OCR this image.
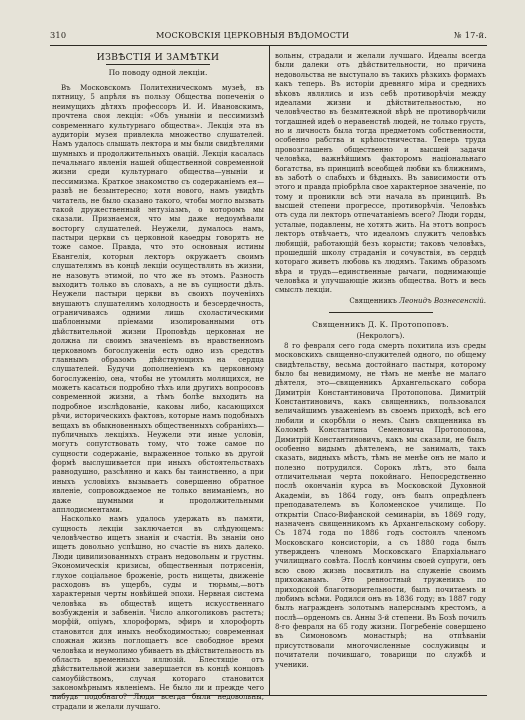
310	МОСКОВСКІЯ ЦЕРКОВНЫЯ ВѢДОМОСТИ	№ 17-й.
ИЗВѢСТІЯ И ЗАМѢТКИ
По поводу одной лекціи.

Въ Московскомъ Политехническомъ музеѣ, въ пятницу, 5 апрѣля въ пользу Общества попеченія о неимущихъ дѣтяхъ профессоръ И. И. Ивановскимъ, прочтена своя лекція: «Объ уныніи и пессимизмѣ современнаго культурнаго общества». Лекція эта въ аудиторіи музея привлекла множество слушателей. Намъ удалось слышать лектора и мы были свидѣтелями шумныхъ и продолжительныхъ овацій. Лекція касалась печальнаго явленія нашей общественной современной жизни среди культурнаго общества—уныніи и пессимизма. Краткое знакомство съ содержаніемъ ея—развѣ не безынтересно; хотя нового, намъ увидѣть читатель, не было сказано такого, чтобы могло вызвать такой дружественный энтузіазмъ, о которомъ мы сказали. Признаемся, что мы даже недоумѣвали восторгу слушателей. Неужели, думалось намъ, пастыри церкви съ церковной каѳедры говорятъ не тоже самое. Правда, что это основныя истины Евангелія, которыя лекторъ окружаетъ своимъ слушателямъ въ концѣ лекціи осуществлять въ жизни, не назовутъ этимой, по что же въ этомъ. Разность выходитъ только въ словахъ, а не въ сущности дѣлъ. Неужели пастыри церкви въ своихъ поученіяхъ внушаютъ слушателямъ холодность и безсердечность, ограничиваясь одними лишь схоластическими шаблонными пріемами изолированными отъ дѣйствительной жизни Проповѣдь церковная не должна ли своимъ значеніемъ въ нравственномъ церковномъ богослуженіи есть одно изъ средствъ главнымъ образомъ дѣйствующихъ на сердца слушателей. Будучи дополненіемъ къ церковному богослуженію, она, чтобы не утомлять молящихся, не можетъ касаться подробно тѣхъ или другихъ вопросовъ современной жизни, а тѣмъ болѣе выходить на подробное изслѣдованіе, каковы либо, касающихся рѣчи, историческихъ фактовъ, которые намъ подобныхъ вещахъ въ обыкновенныхъ общественныхъ собраніяхъ—публичныхъ лекціяхъ. Неужели эти иные условія, могутъ сопутствовать тому, что тоже самое по сущности содержаніе, выраженное только въ другой формѣ выслушивается при иныхъ обстоятельствахъ равнодушно, разсѣянно и какъ бы таинственно, а при иныхъ условіяхъ вызываетъ совершенно обратное явленіе, сопровождаемое не только вниманіемъ, но даже шумными и продолжительными апплодисментами.

Насколько намъ удалось удержать въ памяти, сущность лекціи заключается въ слѣдующемъ: человѣчество ищетъ знанія и счастія. Въ знаніи оно ищетъ довольно успѣшно, но счастіе въ нихъ далеко. Люди цивилизованныхъ странъ недовольны и грустны. Экономическія кризисы, общественныя потрясенія, глухое соціальное броженіе, рость нищеты, движеніе расходовъ въ ущербъ, суды и тюрьмы,—вотъ характерныя черты новѣйшей эпохи. Нервная система человѣка въ обществѣ ищетъ искусственнаго возбужденія и забвенія. Число алкоголиковъ растетъ; морфій, опіумъ, хлороформъ, эфиръ и хлорофорть становятся для иныхъ необходимостью; современная сложная жизнь поглощаетъ все свободное время человѣка и неумолимо убиваетъ въ дѣйствительность въ область временныхъ иллюзій. Блестящіе отъ дѣйствительной жизни завершается въ концѣ концовъ самоубійствомъ, случая котораго становится закономѣрнымъ явленіемъ. Не было ли и прежде чего нибудь подобнаго? Люди всегда были недовольны, страдали и желали лучшаго.

вольны, страдали и желали лучшаго. Идеалы всегда были далеки отъ дѣйствительности, но причина недовольства не выступало въ такихъ рѣзкихъ формахъ какъ теперь. Въ исторіи древняго міра и среднихъ вѣковъ являлись и изъ себѣ противорѣчія между идеалами жизни и дѣйствительностью, но человѣчество въ безмятежной вѣрѣ не противорѣчили тогдашней идеѣ о неравенствѣ людей, не только грусть, но и личность была тогда предметомъ собственности, особенно рабства и крѣпостничества. Теперь труда провозглашенъ общественно и высшей задачи человѣка, важнѣйшимъ факторомъ національнаго богатства, въ принципѣ всеобщей любви къ ближнимъ, въ заботѣ о слабыхъ и бѣдныхъ. Въ зависимости отъ этого и правда пріобрѣла свое характерное значеніе, по тому и проникли всѣ эти начала въ принципѣ. Въ высшей степени прогрессе, противорѣчія. Человѣкъ отъ суда ли лекторъ отпечатаніемъ всего? Люди горды, усталые, подавлены, не хотятъ жить. На этотъ вопросъ лекторъ отвѣчаетъ, что идеаломъ служитъ человѣкъ любящій, работающій безъ корысти; таковъ человѣкъ, прошедшій школу страданія и сочувствія, въ сердцѣ котораго живетъ любовь къ людямъ. Такимъ образомъ вѣра и трудъ—единственные рычаги, поднимающіе человѣка и улучшающіе жизнь общества. Вотъ и весь смыслъ лекціи.

Священникъ Леонидъ Вознесенскій.
Священникъ Д. К. Протопоповъ.
(Некрологъ).

8 го февраля сего года смерть похитила изъ среды московскихъ священно-служителей одного, по общему свидѣтельству, весьма достойнаго пастыря, которому было бы невидимому, не тѣмъ не менѣе не малаго дѣятеля, это—священникъ Архангельскаго собора Димитрія Константиновича Протопопова. Димитрій Константиновичъ, какъ священникъ, пользовался величайшимъ уваженіемъ въ своемъ приходѣ, всѣ его любили и скорбѣли о немъ. Сынъ священника въ Коломнѣ Константина Семеновича Протопопова, Димитрій Константиновичъ, какъ мы сказали, не былъ особенно видымъ дѣятелемъ, не занималъ, такъ сказать, видныхъ мѣстъ, тѣмъ не менѣе онъ не мало и полезно потрудился. Сорокъ лѣтъ, это была отличительная черта покойнаго. Непосредственно послѣ окончанія курса въ Московской Духовной Академіи, въ 1864 году, онъ былъ опредѣленъ преподавателемъ въ Коломенское училище. По открытіи Спасо-Вифанской семинаріи, въ 1869 году, назначенъ священникомъ къ Архангельскому собору. Съ 1874 года по 1886 годъ состоялъ членомъ Московскаго консисторіи, а съ 1880 года былъ утвержденъ членомъ Московскаго Епархіальнаго училищнаго совѣта. Послѣ кончины своей супруги, онъ всю свою жизнь посвятилъ на служеніе своимъ прихожанамъ. Это ревностный труженикъ по приходской благотворительности, былъ почитаемъ и любимъ всѣми. Родился онъ въ 1836 году; въ 1887 году былъ награжденъ золотымъ наперснымъ крестомъ, а послѣ—орденомъ св. Анны 3-й степени. Въ Бозѣ почилъ 8-го февраля на 65 году жизни. Погребеніе совершено въ Симоновомъ монастырѣ; на отпѣваніи присутствовали многочисленные сослуживцы и почитатели почившаго, товарищи по службѣ и ученики.
